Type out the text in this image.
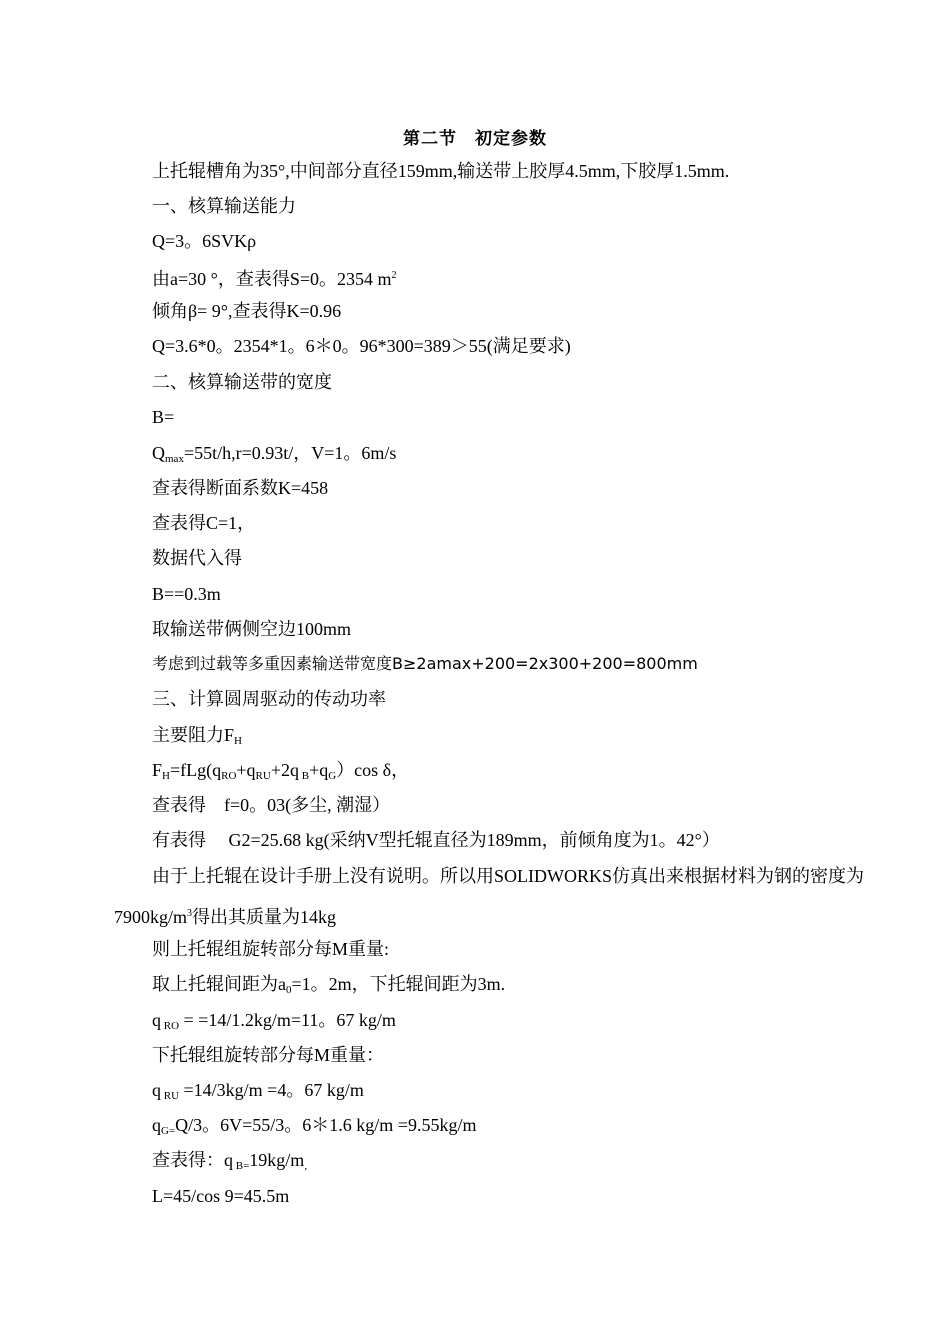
第二节　初定参数
上托辊槽角为35°,中间部分直径159mm,输送带上胶厚4.5mm,下胶厚1.5mm.
一、核算输送能力
Q=3。6SVKρ
由a=30 °，查表得S=0。2354 $m^2$
倾角β= 9°,查表得K=0.96
Q=3.6*0。2354*1。6＊0。96*300=389＞55(满足要求)
二、核算输送带的宽度
B=
$Q_{max}=55t/h,r=0.93t/$，V=1。6m/s
查表得断面系数K=458
查表得C=1，
数据代入得
B==0.3m
取输送带俩侧空边100mm
考虑到过载等多重因素输送带宽度B≥2amax+200=2x300+200=800mm
三、计算圆周驱动的传动功率
主要阻力$F_H$
$F_H=fLg(q_{RO}+q_{RU}+2q$ $_B+q_G)\cos$ δ，
查表得　f=0。03(多尘, 潮湿）
有表得　 G2=25.68 kg(采纳V型托辊直径为189mm，前倾角度为1。42°）
由于上托辊在设计手册上没有说明。所以用SOLIDWORKS仿真出来根据材料为钢的密度为$7900kg/m^3$得出其质量为14kg
则上托辊组旋转部分每M重量:
取上托辊间距为$a_0=1$。2m，下托辊间距为3m.
q $_{RO}$ = =14/1.2kg/m=11。67 kg/m
下托辊组旋转部分每M重量：
q $_{RU}$ =14/3kg/m =4。67 kg/m
$q_{G=}Q/3$。6V=55/3。6＊1.6 kg/m =9.55kg/m
查表得：q $_{B=}19kg/m_,$
L=45/cos 9=45.5m
